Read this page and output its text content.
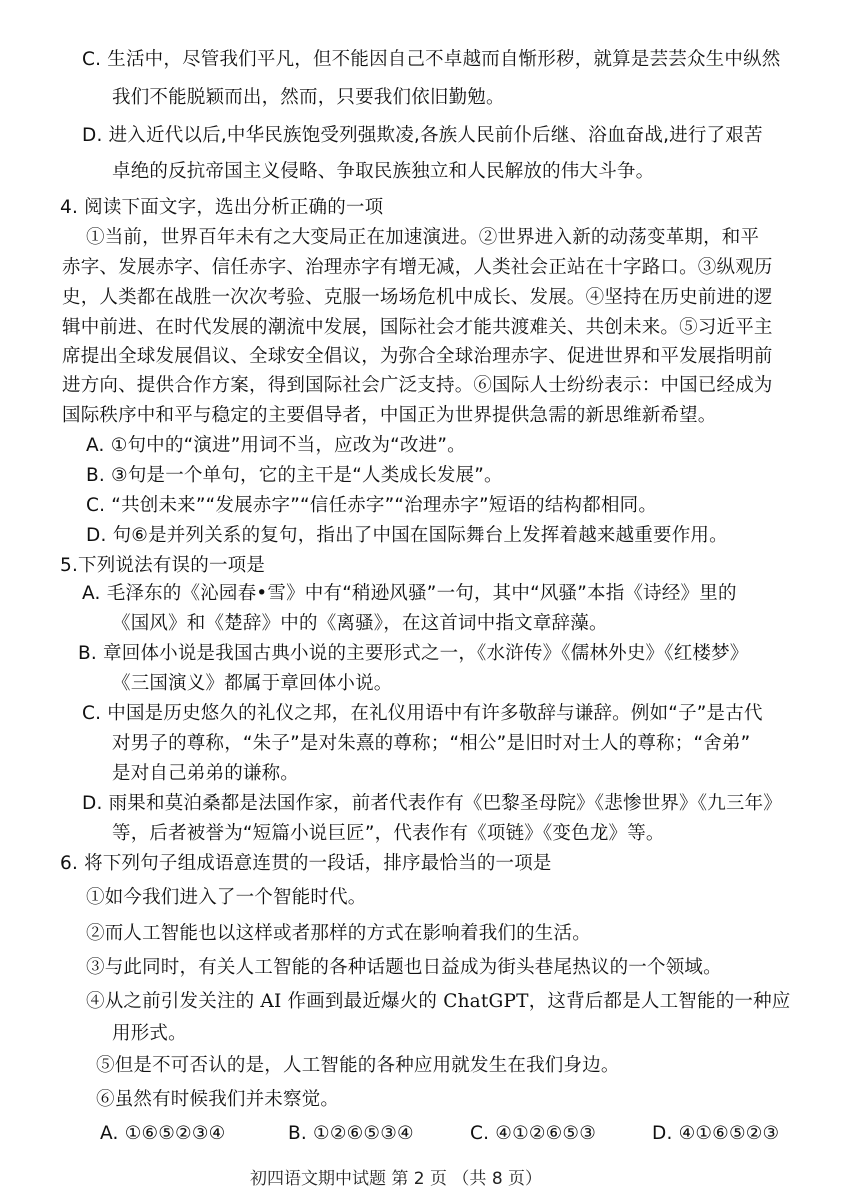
C. 生活中，尽管我们平凡，但不能因自己不卓越而自惭形秽，就算是芸芸众生中纵然
我们不能脱颖而出，然而，只要我们依旧勤勉。
D. 进入近代以后,中华民族饱受列强欺凌,各族人民前仆后继、浴血奋战,进行了艰苦
卓绝的反抗帝国主义侵略、争取民族独立和人民解放的伟大斗争。
4. 阅读下面文字，选出分析正确的一项
①当前，世界百年未有之大变局正在加速演进。②世界进入新的动荡变革期，和平
赤字、发展赤字、信任赤字、治理赤字有增无减，人类社会正站在十字路口。③纵观历
史，人类都在战胜一次次考验、克服一场场危机中成长、发展。④坚持在历史前进的逻
辑中前进、在时代发展的潮流中发展，国际社会才能共渡难关、共创未来。⑤习近平主
席提出全球发展倡议、全球安全倡议，为弥合全球治理赤字、促进世界和平发展指明前
进方向、提供合作方案，得到国际社会广泛支持。⑥国际人士纷纷表示：中国已经成为
国际秩序中和平与稳定的主要倡导者，中国正为世界提供急需的新思维新希望。
A. ①句中的“演进”用词不当，应改为“改进”。
B. ③句是一个单句，它的主干是“人类成长发展”。
C. “共创未来”“发展赤字”“信任赤字”“治理赤字”短语的结构都相同。
D. 句⑥是并列关系的复句，指出了中国在国际舞台上发挥着越来越重要作用。
5.下列说法有误的一项是
A. 毛泽东的《沁园春•雪》中有“稍逊风骚”一句，其中“风骚”本指《诗经》里的
《国风》和《楚辞》中的《离骚》，在这首词中指文章辞藻。
B. 章回体小说是我国古典小说的主要形式之一，《水浒传》《儒林外史》《红楼梦》
《三国演义》都属于章回体小说。
C. 中国是历史悠久的礼仪之邦，在礼仪用语中有许多敬辞与谦辞。例如“子”是古代
对男子的尊称，“朱子”是对朱熹的尊称；“相公”是旧时对士人的尊称；“舍弟”
是对自己弟弟的谦称。
D. 雨果和莫泊桑都是法国作家，前者代表作有《巴黎圣母院》《悲惨世界》《九三年》
等，后者被誉为“短篇小说巨匠”，代表作有《项链》《变色龙》等。
6. 将下列句子组成语意连贯的一段话，排序最恰当的一项是
①如今我们进入了一个智能时代。
②而人工智能也以这样或者那样的方式在影响着我们的生活。
③与此同时，有关人工智能的各种话题也日益成为街头巷尾热议的一个领域。
④从之前引发关注的 AI 作画到最近爆火的 ChatGPT，这背后都是人工智能的一种应
用形式。
⑤但是不可否认的是，人工智能的各种应用就发生在我们身边。
⑥虽然有时候我们并未察觉。
A. ①⑥⑤②③④	B. ①②⑥⑤③④	C. ④①②⑥⑤③	D. ④①⑥⑤②③
初四语文期中试题 第 2 页 （共 8 页）
